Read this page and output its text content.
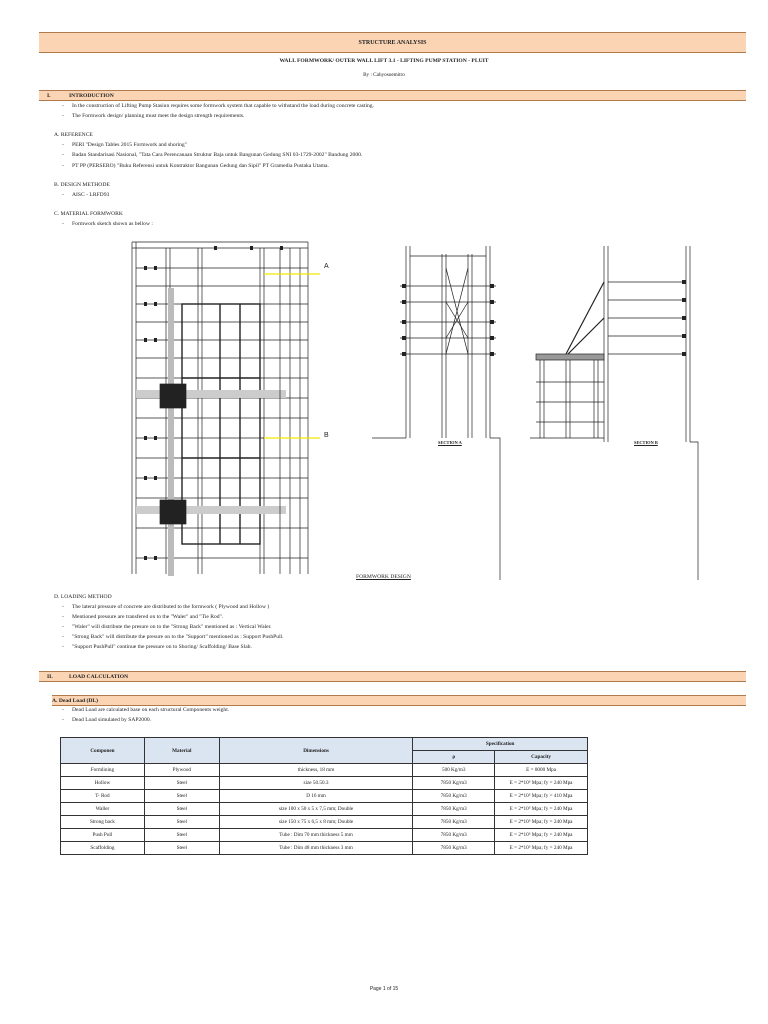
STRUCTURE ANALYSIS
WALL FORMWORK/ OUTER WALL LIFT 3.1 - LIFTING PUMP STATION - PLUIT
By : Cahyosoemitro
I.	INTRODUCTION
- In the construction of Lifting Pump Stasiun requires some formwork system that capable to withstand the load during concrete casting.
- The Formwork design/ planning must meet the design strength requirements.
A. REFERENCE
- PERI "Design Tables 2015 Formwork and shoring"
- Badan Standarisasi Nasional, "Tata Cara Perencanaan Struktur Baja untuk Bangunan Gedung SNI 03-1729-2002" Bandung 2000.
- PT PP (PERSERO) "Buku Referensi untuk Kontraktor Bangunan Gedung dan Sipil" PT Gramedia Pustaka Utama.
B. DESIGN METHODE
- AISC - LRFD93
C. MATERIAL FORMWORK
- Formwork sketch shown as bellow :
A
B
SECTION A	SECTION B
FORMWORK DESIGN
D. LOADING METHOD
- The lateral pressure of concrete are distributed to the formwork ( Plywood and Hollow )
- Mentioned pressure are transfered on to the "Waler" and "Tie Rod".
- "Waler" will distribute the presure on to the "Strong Back" mentioned as : Vertical Waler.
- "Strong Back" will distribute the presure on to the "Support" mentioned as : Support PushPull.
- "Support PushPull" continue the pressure on to Shoring/ Scaffolding/ Base Slab.
II.	LOAD CALCULATION
A. Dead Load (DL)
- Dead Load are calculated base on each structural Components weight.
- Dead Load simulated by SAP2000.
Componen	Material	Dimensions	Specification	
			ρ	Capacity
Formlining	Plywood	thickness, 18 mm	500 Kg/m3	E = 8000 Mpa
Hollow	Steel	size 50.50.3	7850 Kg/m3	E = 2*10⁵ Mpa; fy = 240 Mpa
T- Rod	Steel	D 16 mm	7850 Kg/m3	E = 2*10⁵ Mpa; fy = 410 Mpa
Waller	Steel	size 100 x 50 x 5 x 7,5 mm; Double	7850 Kg/m3	E = 2*10⁵ Mpa; fy = 240 Mpa
Strong back	Steel	size 150 x 75 x 6,5 x 8 mm; Double	7850 Kg/m3	E = 2*10⁵ Mpa; fy = 240 Mpa
Push Pull	Steel	Tube : Dim 70 mm thickness 5 mm	7850 Kg/m3	E = 2*10⁵ Mpa; fy = 240 Mpa
Scaffolding	Steel	Tube : Dim 48 mm thickness 3 mm	7850 Kg/m3	E = 2*10⁵ Mpa; fy = 240 Mpa
Page 1 of 15
